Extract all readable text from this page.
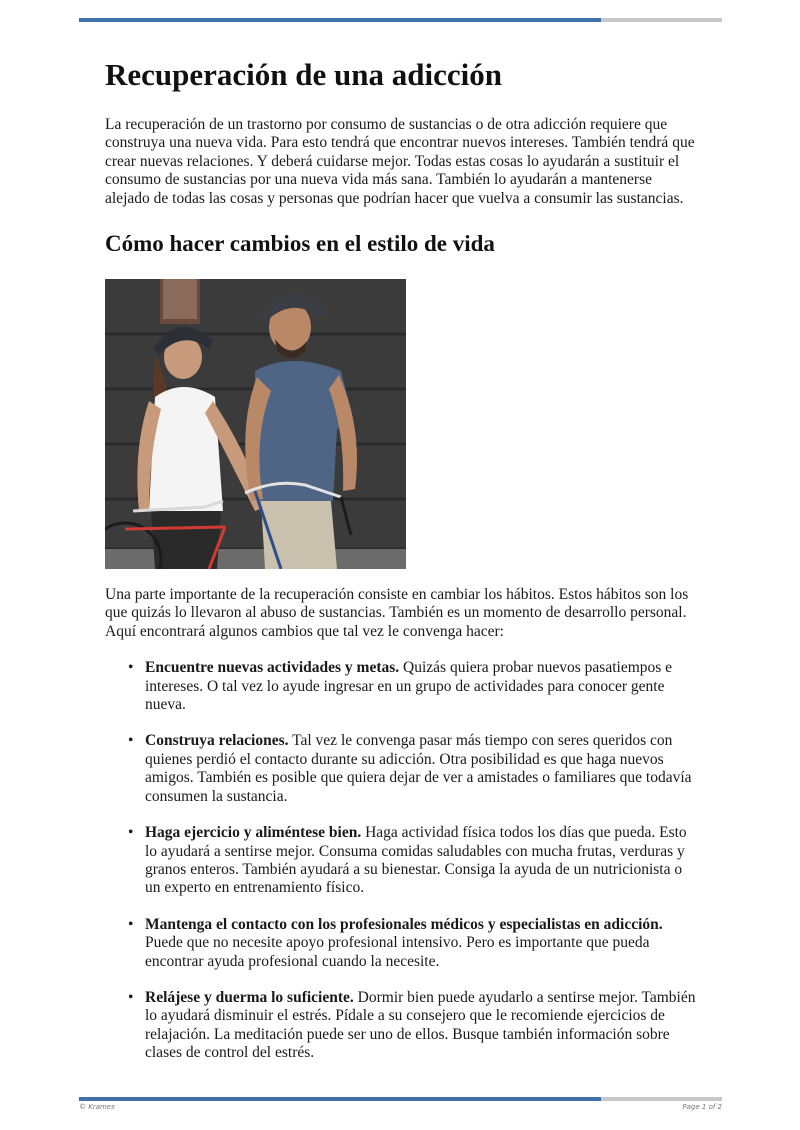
Recuperación de una adicción

La recuperación de un trastorno por consumo de sustancias o de otra adicción requiere que construya una nueva vida. Para esto tendrá que encontrar nuevos intereses. También tendrá que crear nuevas relaciones. Y deberá cuidarse mejor. Todas estas cosas lo ayudarán a sustituir el consumo de sustancias por una nueva vida más sana. También lo ayudarán a mantenerse alejado de todas las cosas y personas que podrían hacer que vuelva a consumir las sustancias.

Cómo hacer cambios en el estilo de vida

Una parte importante de la recuperación consiste en cambiar los hábitos. Estos hábitos son los que quizás lo llevaron al abuso de sustancias. También es un momento de desarrollo personal. Aquí encontrará algunos cambios que tal vez le convenga hacer:

• Encuentre nuevas actividades y metas. Quizás quiera probar nuevos pasatiempos e intereses. O tal vez lo ayude ingresar en un grupo de actividades para conocer gente nueva.
• Construya relaciones. Tal vez le convenga pasar más tiempo con seres queridos con quienes perdió el contacto durante su adicción. Otra posibilidad es que haga nuevos amigos. También es posible que quiera dejar de ver a amistades o familiares que todavía consumen la sustancia.
• Haga ejercicio y aliméntese bien. Haga actividad física todos los días que pueda. Esto lo ayudará a sentirse mejor. Consuma comidas saludables con mucha frutas, verduras y granos enteros. También ayudará a su bienestar. Consiga la ayuda de un nutricionista o un experto en entrenamiento físico.
• Mantenga el contacto con los profesionales médicos y especialistas en adicción. Puede que no necesite apoyo profesional intensivo. Pero es importante que pueda encontrar ayuda profesional cuando la necesite.
• Relájese y duerma lo suficiente. Dormir bien puede ayudarlo a sentirse mejor. También lo ayudará disminuir el estrés. Pídale a su consejero que le recomiende ejercicios de relajación. La meditación puede ser uno de ellos. Busque también información sobre clases de control del estrés.
© Krames	Page 1 of 2
